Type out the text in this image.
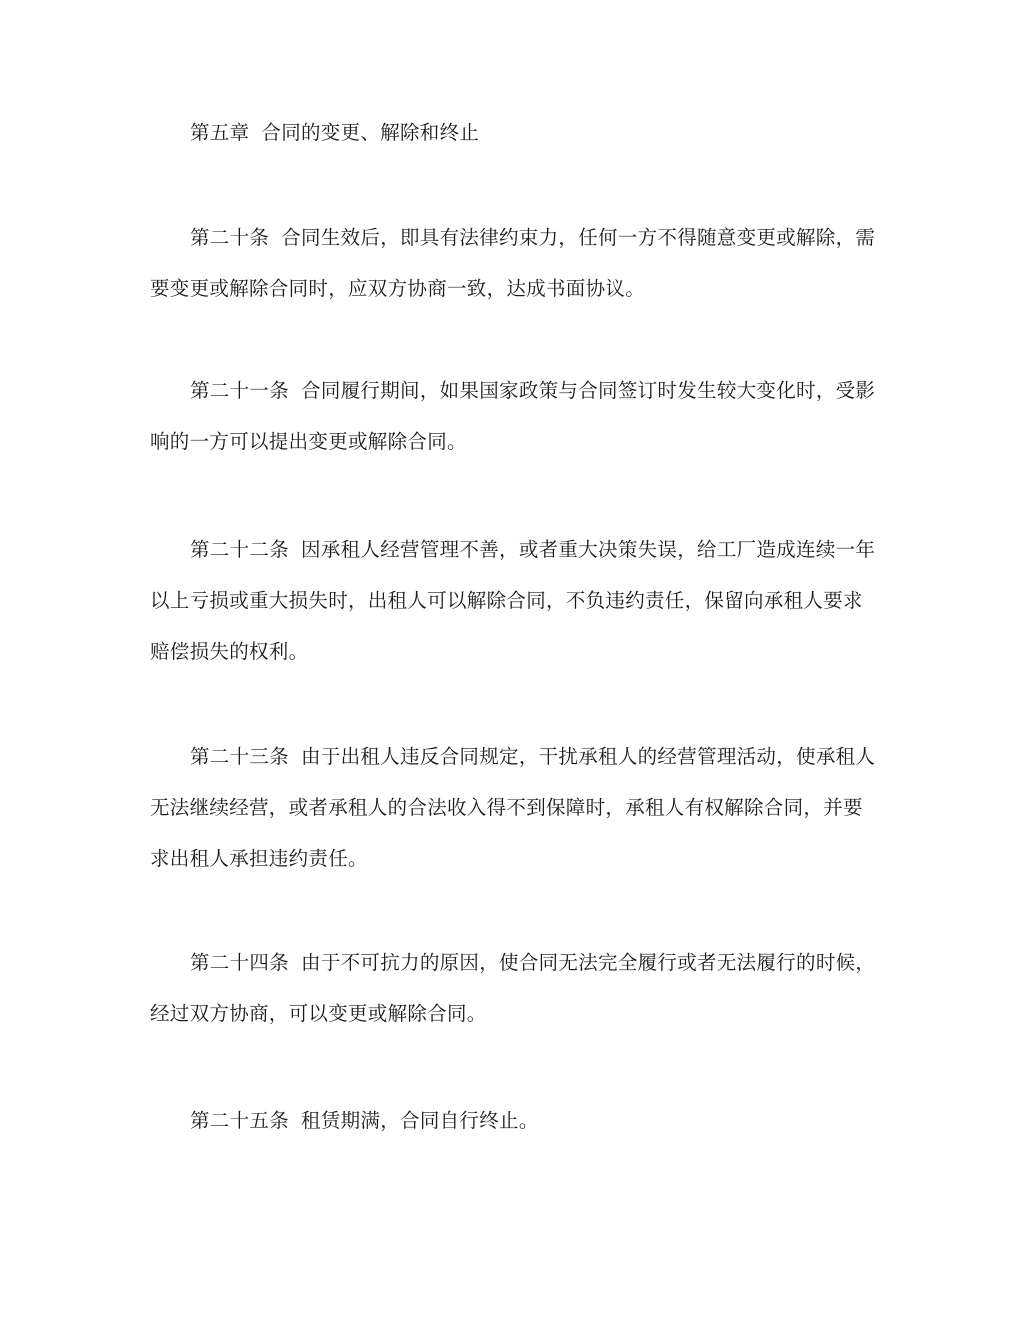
第五章 合同的变更、解除和终止

第二十条 合同生效后，即具有法律约束力，任何一方不得随意变更或解除，需
要变更或解除合同时，应双方协商一致，达成书面协议。

第二十一条 合同履行期间，如果国家政策与合同签订时发生较大变化时，受影
响的一方可以提出变更或解除合同。

第二十二条 因承租人经营管理不善，或者重大决策失误，给工厂造成连续一年
以上亏损或重大损失时，出租人可以解除合同，不负违约责任，保留向承租人要求
赔偿损失的权利。

第二十三条 由于出租人违反合同规定，干扰承租人的经营管理活动，使承租人
无法继续经营，或者承租人的合法收入得不到保障时，承租人有权解除合同，并要
求出租人承担违约责任。

第二十四条 由于不可抗力的原因，使合同无法完全履行或者无法履行的时候，
经过双方协商，可以变更或解除合同。

第二十五条 租赁期满，合同自行终止。
